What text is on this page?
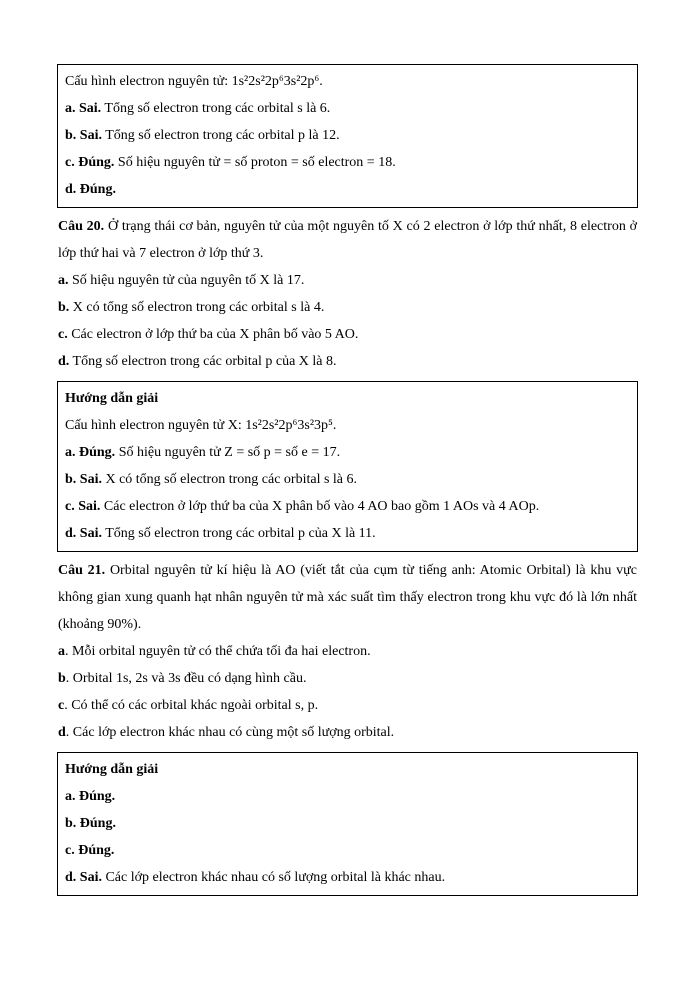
Cấu hình electron nguyên tử: 1s²2s²2p⁶3s²2p⁶.

a. Sai. Tổng số electron trong các orbital s là 6.

b. Sai. Tổng số electron trong các orbital p là 12.

c. Đúng. Số hiệu nguyên tử = số proton = số electron = 18.

d. Đúng.

Câu 20. Ở trạng thái cơ bản, nguyên tử của một nguyên tố X có 2 electron ở lớp thứ nhất, 8 electron ở lớp thứ hai và 7 electron ở lớp thứ 3.

a. Số hiệu nguyên tử của nguyên tố X là 17.

b. X có tổng số electron trong các orbital s là 4.

c. Các electron ở lớp thứ ba của X phân bố vào 5 AO.

d. Tổng số electron trong các orbital p của X là 8.

Hướng dẫn giải

Cấu hình electron nguyên tử X: 1s²2s²2p⁶3s²3p⁵.

a. Đúng. Số hiệu nguyên tử Z = số p = số e = 17.

b. Sai. X có tổng số electron trong các orbital s là 6.

c. Sai. Các electron ở lớp thứ ba của X phân bố vào 4 AO bao gồm 1 AOs và 4 AOp.

d. Sai. Tổng số electron trong các orbital p của X là 11.

Câu 21. Orbital nguyên tử kí hiệu là AO (viết tắt của cụm từ tiếng anh: Atomic Orbital) là khu vực không gian xung quanh hạt nhân nguyên tử mà xác suất tìm thấy electron trong khu vực đó là lớn nhất (khoảng 90%).

a. Mỗi orbital nguyên tử có thể chứa tối đa hai electron.

b. Orbital 1s, 2s và 3s đều có dạng hình cầu.

c. Có thể có các orbital khác ngoài orbital s, p.

d. Các lớp electron khác nhau có cùng một số lượng orbital.

Hướng dẫn giải

a. Đúng.

b. Đúng.

c. Đúng.

d. Sai. Các lớp electron khác nhau có số lượng orbital là khác nhau.
